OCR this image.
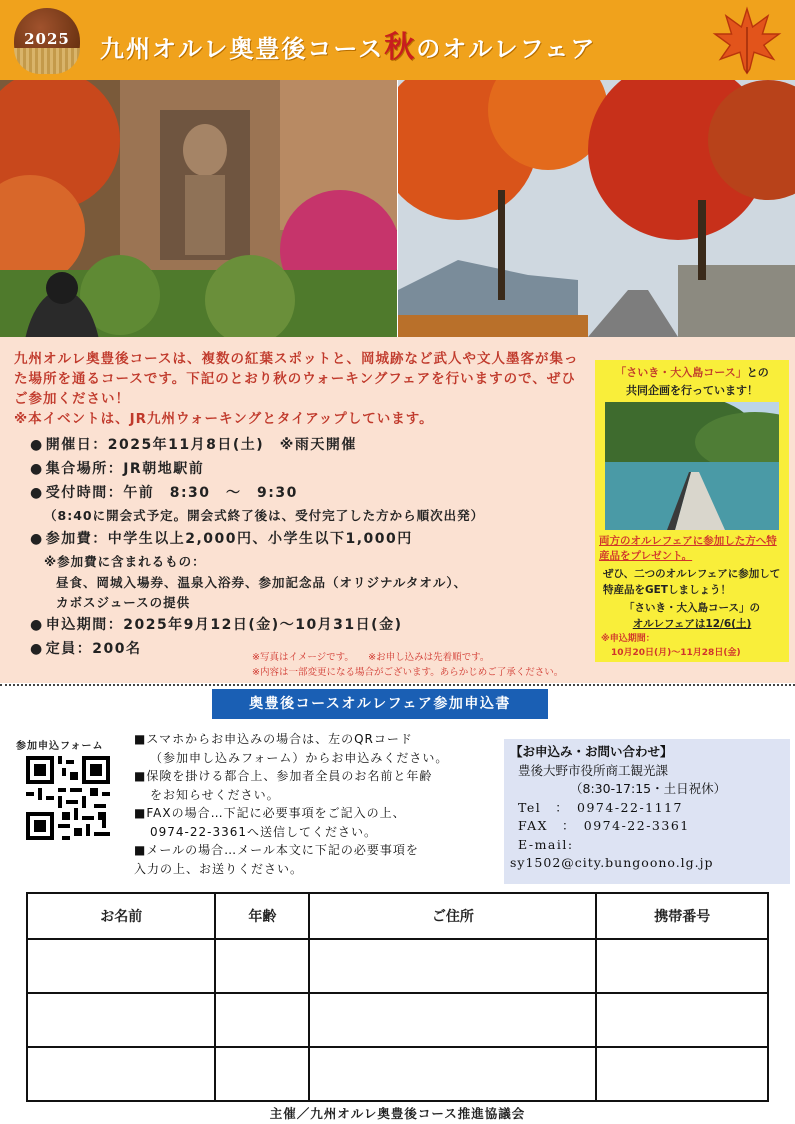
2025	九州オルレ奥豊後コース秋のオルレフェア

九州オルレ奥豊後コースは、複数の紅葉スポットと、岡城跡など武人や文人墨客が集った場所を通るコースです。下記のとおり秋のウォーキングフェアを行いますので、ぜひご参加ください！

※本イベントは、JR九州ウォーキングとタイアップしています。

● 開催日：2025年11月8日(土)　※雨天開催
● 集合場所：JR朝地駅前
● 受付時間：午前　8:30　～　9:30
（8:40に開会式予定。開会式終了後は、受付完了した方から順次出発）
● 参加費：中学生以上2,000円、小学生以下1,000円
※参加費に含まれるもの：
昼食、岡城入場券、温泉入浴券、参加記念品（オリジナルタオル）、
カボスジュースの提供
● 申込期間：2025年9月12日(金)～10月31日(金)
● 定員：200名
※写真はイメージです。　　※お申し込みは先着順です。
※内容は一部変更になる場合がございます。あらかじめご了承ください。
「さいき・大入島コース」との
共同企画を行っています！
両方のオルレフェアに参加した方へ特産品をプレゼント。
ぜひ、二つのオルレフェアに参加して特産品をGETしましょう！
「さいき・大入島コース」の
オルレフェアは12/6(土)
※申込期間：
10月20日(月)～11月28日(金)
奥豊後コースオルレフェア参加申込書
参加申込フォーム
■スマホからお申込みの場合は、左のQRコード
（参加申し込みフォーム）からお申込みください。
■保険を掛ける都合上、参加者全員のお名前と年齢
をお知らせください。
■FAXの場合…下記に必要事項をご記入の上、
0974-22-3361へ送信してください。
■メールの場合…メール本文に下記の必要事項を
入力の上、お送りください。
【お申込み・お問い合わせ】
豊後大野市役所商工観光課
（8:30-17:15・土日祝休）
Tel　：　0974-22-1117
FAX　：　0974-22-3361
E-mail:
sy1502@city.bungoono.lg.jp
お名前	年齢	ご住所	携帯番号

主催／九州オルレ奥豊後コース推進協議会
